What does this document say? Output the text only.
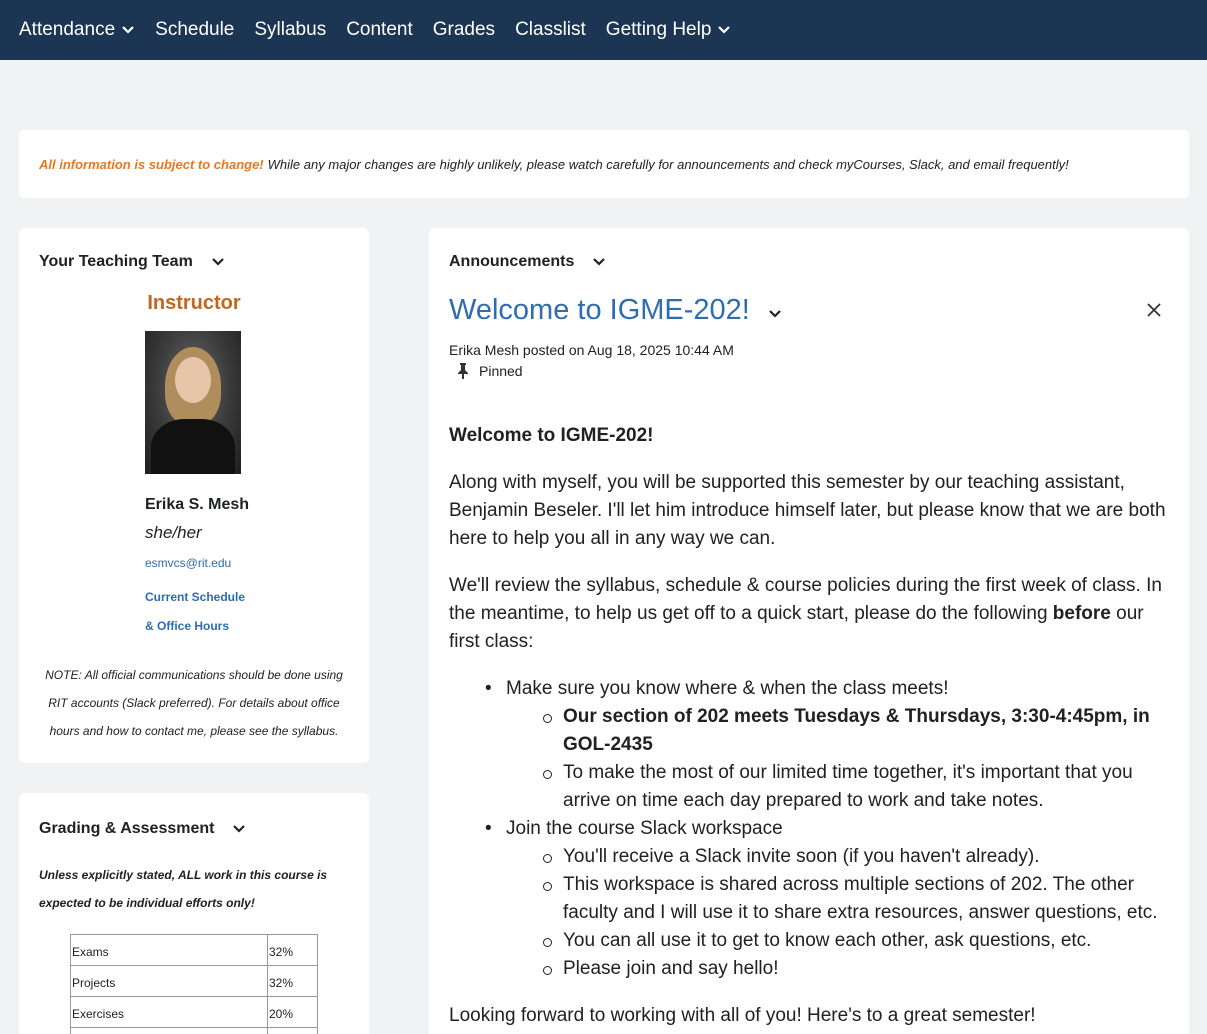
Attendance Schedule Syllabus Content Grades Classlist Getting Help
All information is subject to change! While any major changes are highly unlikely, please watch carefully for announcements and check myCourses, Slack, and email frequently!
Your Teaching Team
Instructor
Erika S. Mesh
she/her
esmvcs@rit.edu
Current Schedule
& Office Hours
NOTE: All official communications should be done using RIT accounts (Slack preferred). For details about office hours and how to contact me, please see the syllabus.
Grading & Assessment
Unless explicitly stated, ALL work in this course is expected to be individual efforts only!
Exams	32%
Projects	32%
Exercises	20%

Announcements
Welcome to IGME-202!
Erika Mesh posted on Aug 18, 2025 10:44 AM
Pinned

Welcome to IGME-202!

Along with myself, you will be supported this semester by our teaching assistant, Benjamin Beseler. I'll let him introduce himself later, but please know that we are both here to help you all in any way we can.

We'll review the syllabus, schedule & course policies during the first week of class. In the meantime, to help us get off to a quick start, please do the following before our first class:

• Make sure you know where & when the class meets!
Our section of 202 meets Tuesdays & Thursdays, 3:30-4:45pm, in GOL-2435
To make the most of our limited time together, it's important that you arrive on time each day prepared to work and take notes.
• Join the course Slack workspace
You'll receive a Slack invite soon (if you haven't already).
This workspace is shared across multiple sections of 202. The other faculty and I will use it to share extra resources, answer questions, etc.
You can all use it to get to know each other, ask questions, etc.
Please join and say hello!

Looking forward to working with all of you! Here's to a great semester!
